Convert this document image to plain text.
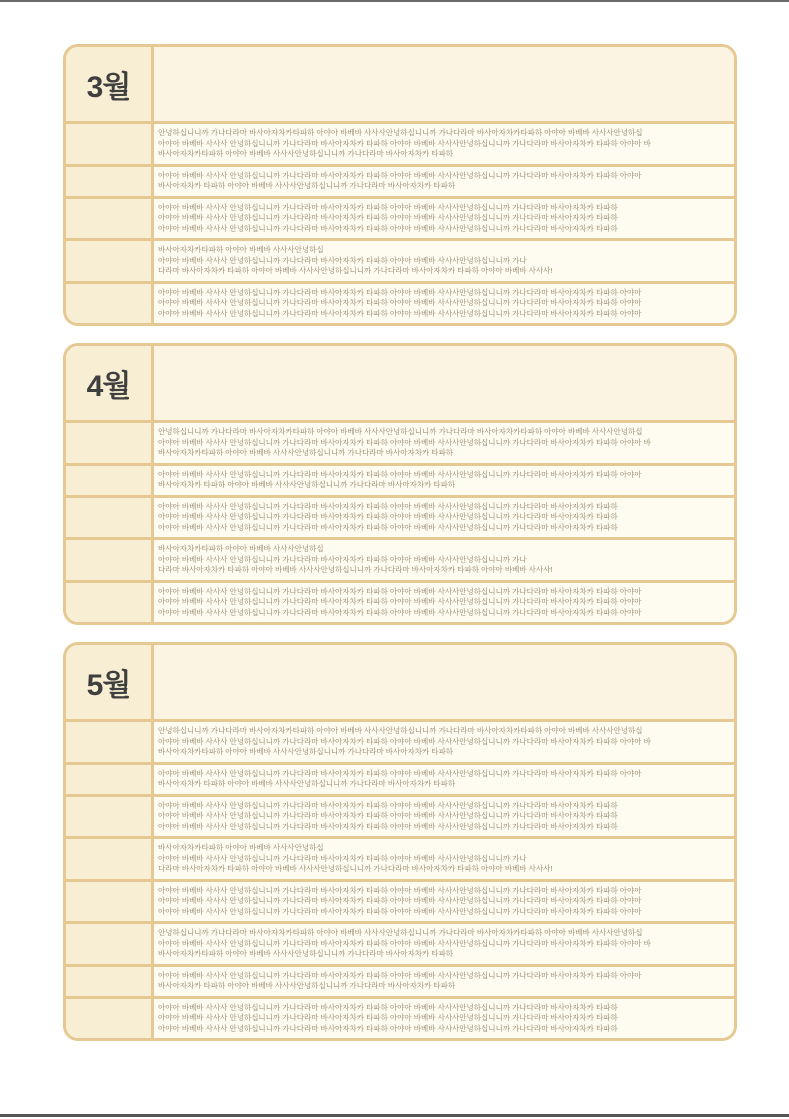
3월

안녕하십니니까 가나다라마 바사아자차카타파하 아야아 바베바 사사사안녕하십니니까 가나다라마 바사아자차카타파하 아야아 바베바 사사사안녕하십

아야아 바베바 사사사 안녕하십니니까 가나다라마 바사아자차카 타파하 아야아 바베바 사사사안녕하십니니까 가나다라마 바사아자차카 타파하 아야아 바

바사아자차카타파하 아야아 바베바 사사사안녕하십니니까 가나다라마 바사아자차카 타파하

아야아 바베바 사사사 안녕하십니니까 가나다라마 바사아자차카 타파하 아야아 바베바 사사사안녕하십니니까 가나다라마 바사아자차카 타파하 아야아

바사아자차카 타파하 아야아 바베바 사사사안녕하십니니까 가나다라마 바사아자차카 타파하

아야아 바베바 사사사 안녕하십니니까 가나다라마 바사아자차카 타파하 아야아 바베바 사사사안녕하십니니까 가나다라마 바사아자차카 타파하

아야아 바베바 사사사 안녕하십니니까 가나다라마 바사아자차카 타파하 아야아 바베바 사사사안녕하십니니까 가나다라마 바사아자차카 타파하

아야아 바베바 사사사 안녕하십니니까 가나다라마 바사아자차카 타파하 아야아 바베바 사사사안녕하십니니까 가나다라마 바사아자차카 타파하

바사아자차카타파하 아야아 바베바 사사사안녕하십

아야아 바베바 사사사 안녕하십니니까 가나다라마 바사아자차카 타파하 아야아 바베바 사사사안녕하십니니까 가나

다라마 바사아자차카 타파하 아야아 바베바 사사사안녕하십니니까 가나다라마 바사아자차카 타파하 아야아 바베바 사사사!

아야아 바베바 사사사 안녕하십니니까 가나다라마 바사아자차카 타파하 아야아 바베바 사사사안녕하십니니까 가나다라마 바사아자차카 타파하 아야아

아야아 바베바 사사사 안녕하십니니까 가나다라마 바사아자차카 타파하 아야아 바베바 사사사안녕하십니니까 가나다라마 바사아자차카 타파하 아야아

아야아 바베바 사사사 안녕하십니니까 가나다라마 바사아자차카 타파하 아야아 바베바 사사사안녕하십니니까 가나다라마 바사아자차카 타파하 아야아

4월

안녕하십니니까 가나다라마 바사아자차카타파하 아야아 바베바 사사사안녕하십니니까 가나다라마 바사아자차카타파하 아야아 바베바 사사사안녕하십

아야아 바베바 사사사 안녕하십니니까 가나다라마 바사아자차카 타파하 아야아 바베바 사사사안녕하십니니까 가나다라마 바사아자차카 타파하 아야아 바

바사아자차카타파하 아야아 바베바 사사사안녕하십니니까 가나다라마 바사아자차카 타파하

아야아 바베바 사사사 안녕하십니니까 가나다라마 바사아자차카 타파하 아야아 바베바 사사사안녕하십니니까 가나다라마 바사아자차카 타파하 아야아

바사아자차카 타파하 아야아 바베바 사사사안녕하십니니까 가나다라마 바사아자차카 타파하

아야아 바베바 사사사 안녕하십니니까 가나다라마 바사아자차카 타파하 아야아 바베바 사사사안녕하십니니까 가나다라마 바사아자차카 타파하

아야아 바베바 사사사 안녕하십니니까 가나다라마 바사아자차카 타파하 아야아 바베바 사사사안녕하십니니까 가나다라마 바사아자차카 타파하

아야아 바베바 사사사 안녕하십니니까 가나다라마 바사아자차카 타파하 아야아 바베바 사사사안녕하십니니까 가나다라마 바사아자차카 타파하

바사아자차카타파하 아야아 바베바 사사사안녕하십

아야아 바베바 사사사 안녕하십니니까 가나다라마 바사아자차카 타파하 아야아 바베바 사사사안녕하십니니까 가나

다라마 바사아자차카 타파하 아야아 바베바 사사사안녕하십니니까 가나다라마 바사아자차카 타파하 아야아 바베바 사사사!

아야아 바베바 사사사 안녕하십니니까 가나다라마 바사아자차카 타파하 아야아 바베바 사사사안녕하십니니까 가나다라마 바사아자차카 타파하 아야아

아야아 바베바 사사사 안녕하십니니까 가나다라마 바사아자차카 타파하 아야아 바베바 사사사안녕하십니니까 가나다라마 바사아자차카 타파하 아야아

아야아 바베바 사사사 안녕하십니니까 가나다라마 바사아자차카 타파하 아야아 바베바 사사사안녕하십니니까 가나다라마 바사아자차카 타파하 아야아

5월

안녕하십니니까 가나다라마 바사아자차카타파하 아야아 바베바 사사사안녕하십니니까 가나다라마 바사아자차카타파하 아야아 바베바 사사사안녕하십

아야아 바베바 사사사 안녕하십니니까 가나다라마 바사아자차카 타파하 아야아 바베바 사사사안녕하십니니까 가나다라마 바사아자차카 타파하 아야아 바

바사아자차카타파하 아야아 바베바 사사사안녕하십니니까 가나다라마 바사아자차카 타파하

아야아 바베바 사사사 안녕하십니니까 가나다라마 바사아자차카 타파하 아야아 바베바 사사사안녕하십니니까 가나다라마 바사아자차카 타파하 아야아

바사아자차카 타파하 아야아 바베바 사사사안녕하십니니까 가나다라마 바사아자차카 타파하

아야아 바베바 사사사 안녕하십니니까 가나다라마 바사아자차카 타파하 아야아 바베바 사사사안녕하십니니까 가나다라마 바사아자차카 타파하

아야아 바베바 사사사 안녕하십니니까 가나다라마 바사아자차카 타파하 아야아 바베바 사사사안녕하십니니까 가나다라마 바사아자차카 타파하

아야아 바베바 사사사 안녕하십니니까 가나다라마 바사아자차카 타파하 아야아 바베바 사사사안녕하십니니까 가나다라마 바사아자차카 타파하

바사아자차카타파하 아야아 바베바 사사사안녕하십

아야아 바베바 사사사 안녕하십니니까 가나다라마 바사아자차카 타파하 아야아 바베바 사사사안녕하십니니까 가나

다라마 바사아자차카 타파하 아야아 바베바 사사사안녕하십니니까 가나다라마 바사아자차카 타파하 아야아 바베바 사사사!

아야아 바베바 사사사 안녕하십니니까 가나다라마 바사아자차카 타파하 아야아 바베바 사사사안녕하십니니까 가나다라마 바사아자차카 타파하 아야아

아야아 바베바 사사사 안녕하십니니까 가나다라마 바사아자차카 타파하 아야아 바베바 사사사안녕하십니니까 가나다라마 바사아자차카 타파하 아야아

아야아 바베바 사사사 안녕하십니니까 가나다라마 바사아자차카 타파하 아야아 바베바 사사사안녕하십니니까 가나다라마 바사아자차카 타파하 아야아

안녕하십니니까 가나다라마 바사아자차카타파하 아야아 바베바 사사사안녕하십니니까 가나다라마 바사아자차카타파하 아야아 바베바 사사사안녕하십

아야아 바베바 사사사 안녕하십니니까 가나다라마 바사아자차카 타파하 아야아 바베바 사사사안녕하십니니까 가나다라마 바사아자차카 타파하 아야아 바

바사아자차카타파하 아야아 바베바 사사사안녕하십니니까 가나다라마 바사아자차카 타파하

아야아 바베바 사사사 안녕하십니니까 가나다라마 바사아자차카 타파하 아야아 바베바 사사사안녕하십니니까 가나다라마 바사아자차카 타파하 아야아

바사아자차카 타파하 아야아 바베바 사사사안녕하십니니까 가나다라마 바사아자차카 타파하

아야아 바베바 사사사 안녕하십니니까 가나다라마 바사아자차카 타파하 아야아 바베바 사사사안녕하십니니까 가나다라마 바사아자차카 타파하

아야아 바베바 사사사 안녕하십니니까 가나다라마 바사아자차카 타파하 아야아 바베바 사사사안녕하십니니까 가나다라마 바사아자차카 타파하

아야아 바베바 사사사 안녕하십니니까 가나다라마 바사아자차카 타파하 아야아 바베바 사사사안녕하십니니까 가나다라마 바사아자차카 타파하
